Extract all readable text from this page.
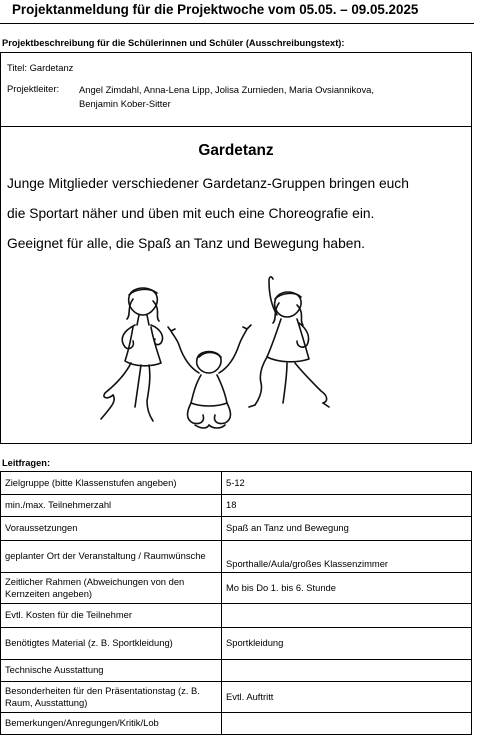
Projektanmeldung für die Projektwoche vom 05.05. – 09.05.2025
Projektbeschreibung für die Schülerinnen und Schüler (Ausschreibungstext):
Titel: Gardetanz
Projektleiter: Angel Zimdahl, Anna-Lena Lipp, Jolisa Zurnieden, Maria Ovsiannikova,
Benjamin Kober-Sitter
Gardetanz
Junge Mitglieder verschiedener Gardetanz-Gruppen bringen euch
die Sportart näher und üben mit euch eine Choreografie ein.
Geeignet für alle, die Spaß an Tanz und Bewegung haben.
Leitfragen:
Zielgruppe (bitte Klassenstufen angeben)	5-12
min./max. Teilnehmerzahl	18
Voraussetzungen	Spaß an Tanz und Bewegung
geplanter Ort der Veranstaltung / Raumwünsche	Sporthalle/Aula/großes Klassenzimmer
Zeitlicher Rahmen (Abweichungen von den Kernzeiten angeben)	Mo bis Do 1. bis 6. Stunde
Evtl. Kosten für die Teilnehmer	
Benötigtes Material (z. B. Sportkleidung)	Sportkleidung
Technische Ausstattung	
Besonderheiten für den Präsentationstag (z. B. Raum, Ausstattung)	Evtl. Auftritt
Bemerkungen/Anregungen/Kritik/Lob	
